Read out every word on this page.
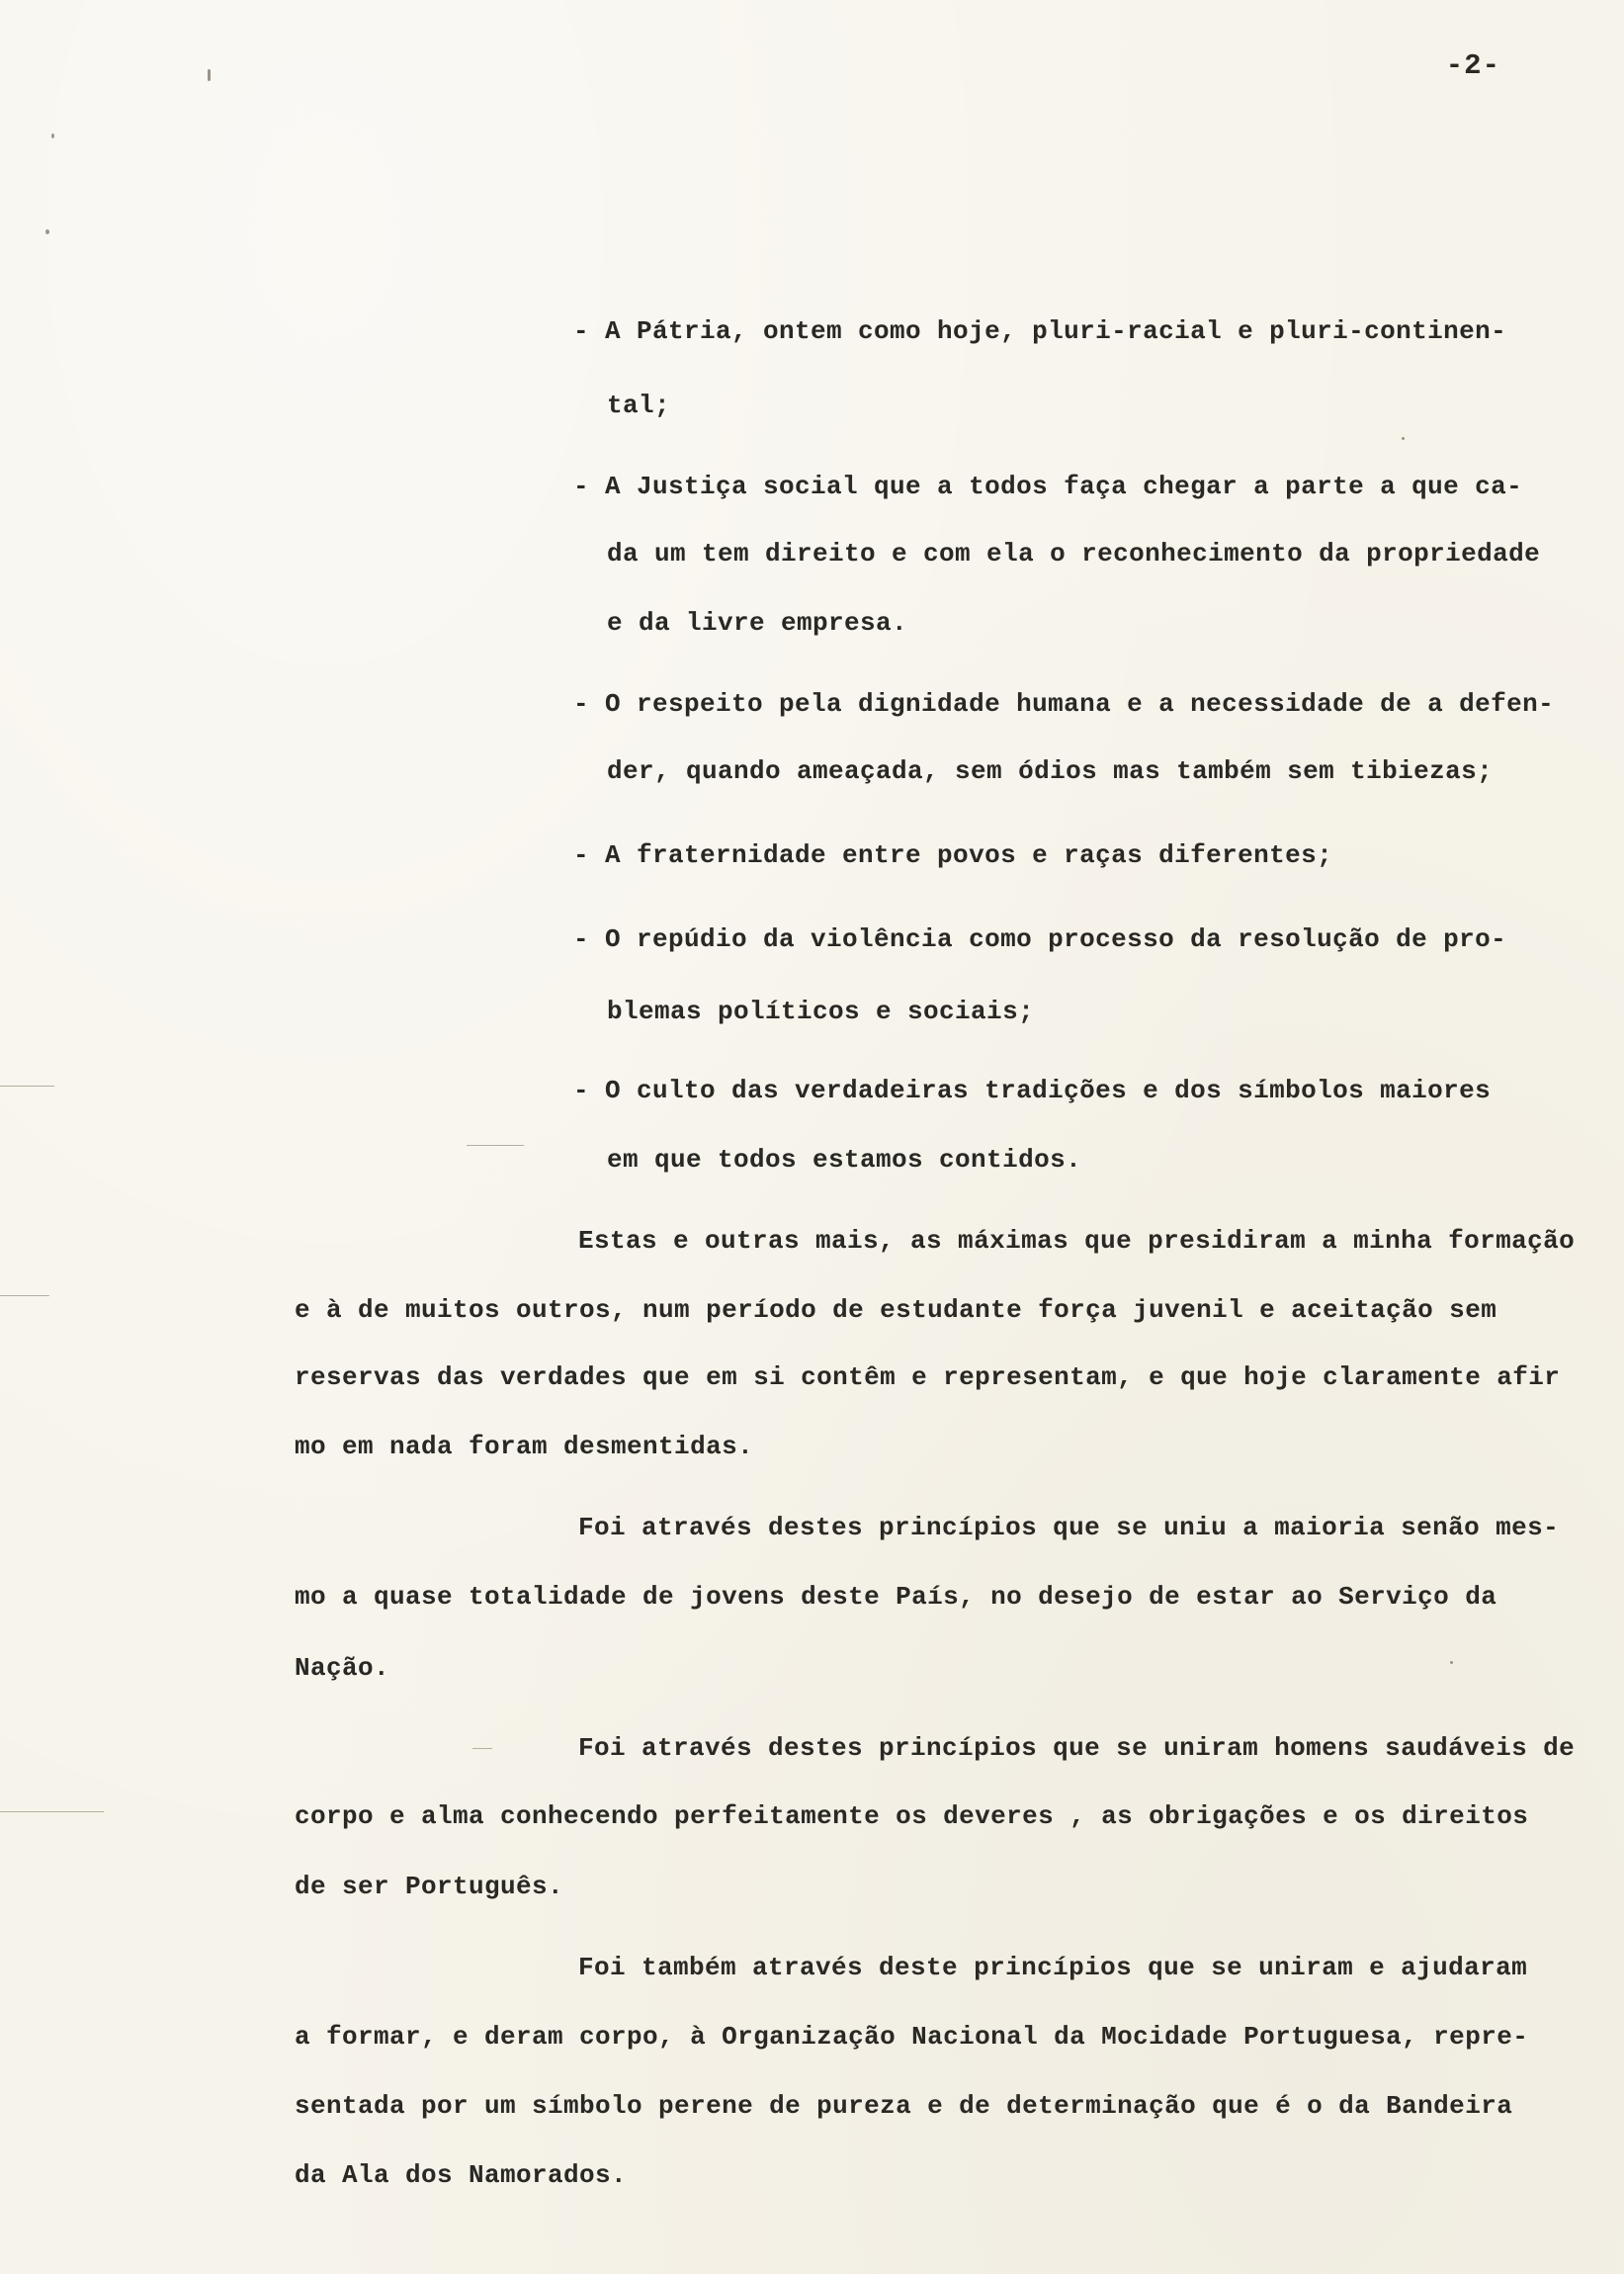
-2-
- A Pátria, ontem como hoje, pluri-racial e pluri-continen-
tal;
- A Justiça social que a todos faça chegar a parte a que ca-
da um tem direito e com ela o reconhecimento da propriedade
e da livre empresa.
- O respeito pela dignidade humana e a necessidade de a defen-
der, quando ameaçada, sem ódios mas também sem tibiezas;
- A fraternidade entre povos e raças diferentes;
- O repúdio da violência como processo da resolução de pro-
blemas políticos e sociais;
- O culto das verdadeiras tradições e dos símbolos maiores
em que todos estamos contidos.
Estas e outras mais, as máximas que presidiram a minha formação
e à de muitos outros, num período de estudante força juvenil e aceitação sem
reservas das verdades que em si contêm e representam, e que hoje claramente afir
mo em nada foram desmentidas.
Foi através destes princípios que se uniu a maioria senão mes-
mo a quase totalidade de jovens deste País, no desejo de estar ao Serviço da
Nação.
Foi através destes princípios que se uniram homens saudáveis de
corpo e alma conhecendo perfeitamente os deveres , as obrigações e os direitos
de ser Português.
Foi também através deste princípios que se uniram e ajudaram
a formar, e deram corpo, à Organização Nacional da Mocidade Portuguesa, repre-
sentada por um símbolo perene de pureza e de determinação que é o da Bandeira
da Ala dos Namorados.
